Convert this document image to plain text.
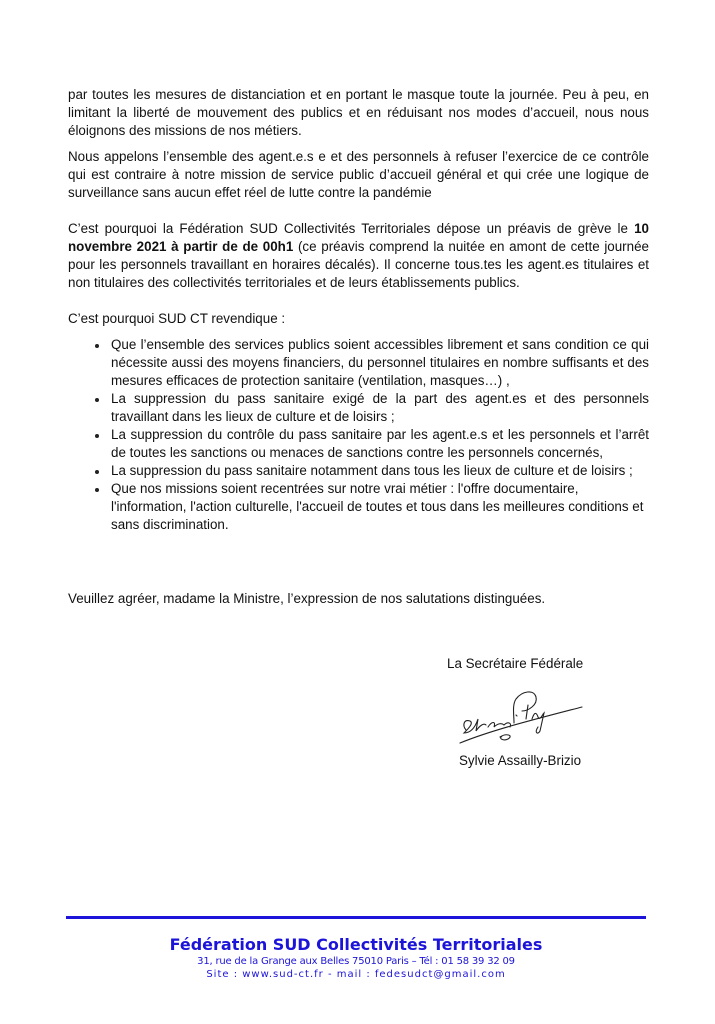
par toutes les mesures de distanciation et en portant le masque toute la journée. Peu à peu, en limitant la liberté de mouvement des publics et en réduisant nos modes d’accueil, nous nous éloignons des missions de nos métiers.

Nous appelons l’ensemble des agent.e.s e et des personnels à refuser l’exercice de ce contrôle qui est contraire à notre mission de service public d’accueil général et qui crée une logique de surveillance sans aucun effet réel de lutte contre la pandémie

C’est pourquoi la Fédération SUD Collectivités Territoriales dépose un préavis de grève le 10 novembre 2021 à partir de de 00h1 (ce préavis comprend la nuitée en amont de cette journée pour les personnels travaillant en horaires décalés). Il concerne tous.tes les agent.es titulaires et non titulaires des collectivités territoriales et de leurs établissements publics.

C’est pourquoi SUD CT revendique :

Que l’ensemble des services publics soient accessibles librement et sans condition ce qui nécessite aussi des moyens financiers, du personnel titulaires en nombre suffisants et des mesures efficaces de protection sanitaire (ventilation, masques…) ,
La suppression du pass sanitaire exigé de la part des agent.es et des personnels travaillant dans les lieux de culture et de loisirs ;
La suppression du contrôle du pass sanitaire par les agent.e.s et les personnels et l’arrêt de toutes les sanctions ou menaces de sanctions contre les personnels concernés,
La suppression du pass sanitaire notamment dans tous les lieux de culture et de loisirs ;
Que nos missions soient recentrées sur notre vrai métier : l'offre documentaire, l'information, l'action culturelle, l'accueil de toutes et tous dans les meilleures conditions et sans discrimination.
Veuillez agréer, madame la Ministre, l’expression de nos salutations distinguées.
La Secrétaire Fédérale
Sylvie Assailly-Brizio
Fédération SUD Collectivités Territoriales
31, rue de la Grange aux Belles 75010 Paris – Tél : 01 58 39 32 09
Site : www.sud-ct.fr - mail : fedesudct@gmail.com
